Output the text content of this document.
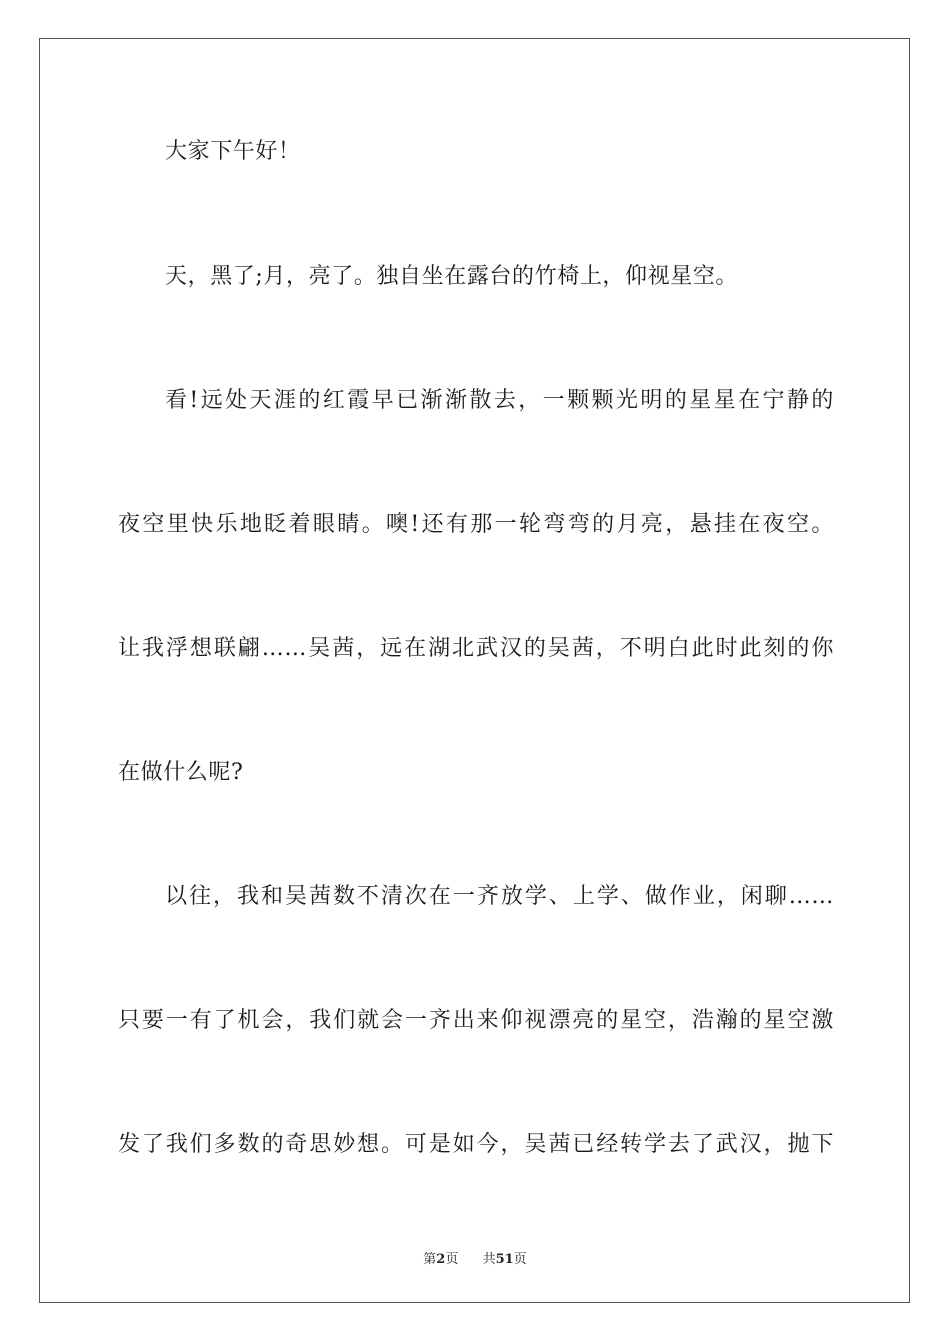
大家下午好！
天，黑了;月，亮了。独自坐在露台的竹椅上，仰视星空。
看!远处天涯的红霞早已渐渐散去，一颗颗光明的星星在宁静的
夜空里快乐地眨着眼睛。噢!还有那一轮弯弯的月亮，悬挂在夜空。
让我浮想联翩……吴茜，远在湖北武汉的吴茜，不明白此时此刻的你
在做什么呢?
以往，我和吴茜数不清次在一齐放学、上学、做作业，闲聊……
只要一有了机会，我们就会一齐出来仰视漂亮的星空，浩瀚的星空激
发了我们多数的奇思妙想。可是如今，吴茜已经转学去了武汉，抛下
第2页 共51页
